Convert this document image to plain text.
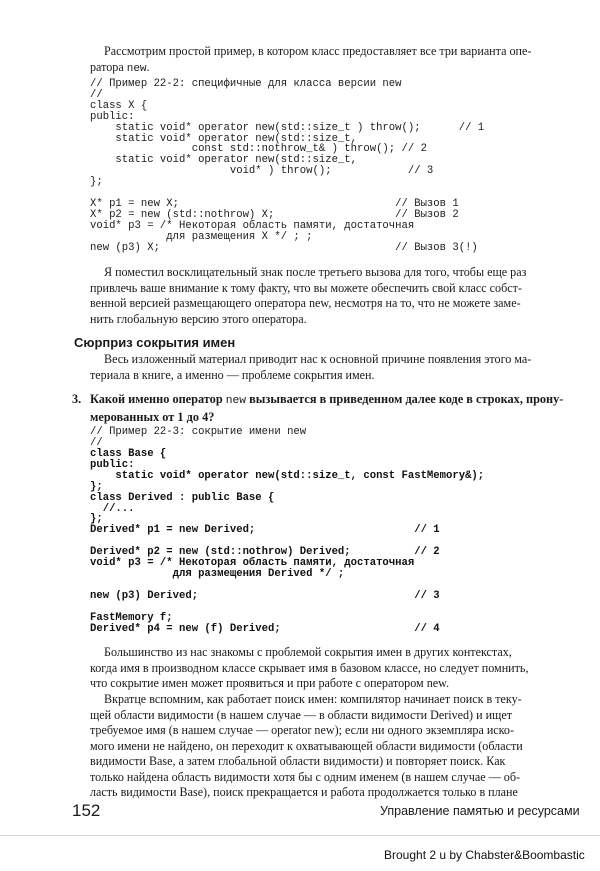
Рассмотрим простой пример, в котором класс предоставляет все три варианта опе-
ратора new.

// Пример 22-2: специфичные для класса версии new
//
class X {
public:
static void* operator new(std::size_t ) throw();      // 1
static void* operator new(std::size_t,
const std::nothrow_t& ) throw(); // 2
static void* operator new(std::size_t,
void* ) throw();            // 3
};

X* p1 = new X;                                  // Вызов 1
X* p2 = new (std::nothrow) X;                   // Вызов 2
void* p3 = /* Некоторая область памяти, достаточная
для размещения X */ ; ;
new (p3) X;                                     // Вызов 3(!)

Я поместил восклицательный знак после третьего вызова для того, чтобы еще раз
привлечь ваше внимание к тому факту, что вы можете обеспечить свой класс собст-
венной версией размещающего оператора new, несмотря на то, что не можете заме-
нить глобальную версию этого оператора.

Сюрприз сокрытия имен

Весь изложенный материал приводит нас к основной причине появления этого ма-
териала в книге, а именно — проблеме сокрытия имен.

3. Какой именно оператор new вызывается в приведенном далее коде в строках, прону-
мерованных от 1 до 4?
// Пример 22-3: сокрытие имени new
//
class Base {
public:
static void* operator new(std::size_t, const FastMemory&);
};
class Derived : public Base {
//...
};
Derived* p1 = new Derived;                         // 1

Derived* p2 = new (std::nothrow) Derived;          // 2
void* p3 = /* Некоторая область памяти, достаточная
для размещения Derived */ ;

new (p3) Derived;                                  // 3

FastMemory f;
Derived* p4 = new (f) Derived;                     // 4

Большинство из нас знакомы с проблемой сокрытия имен в других контекстах,
когда имя в производном классе скрывает имя в базовом классе, но следует помнить,
что сокрытие имен может проявиться и при работе с оператором new.

Вкратце вспомним, как работает поиск имен: компилятор начинает поиск в теку-
щей области видимости (в нашем случае — в области видимости Derived) и ищет
требуемое имя (в нашем случае — operator new); если ни одного экземпляра иско-
мого имени не найдено, он переходит к охватывающей области видимости (области
видимости Base, а затем глобальной области видимости) и повторяет поиск. Как
только найдена область видимости хотя бы с одним именем (в нашем случае — об-
ласть видимости Base), поиск прекращается и работа продолжается только в плане

152	Управление памятью и ресурсами

Brought 2 u by Chabster&Boombastic
